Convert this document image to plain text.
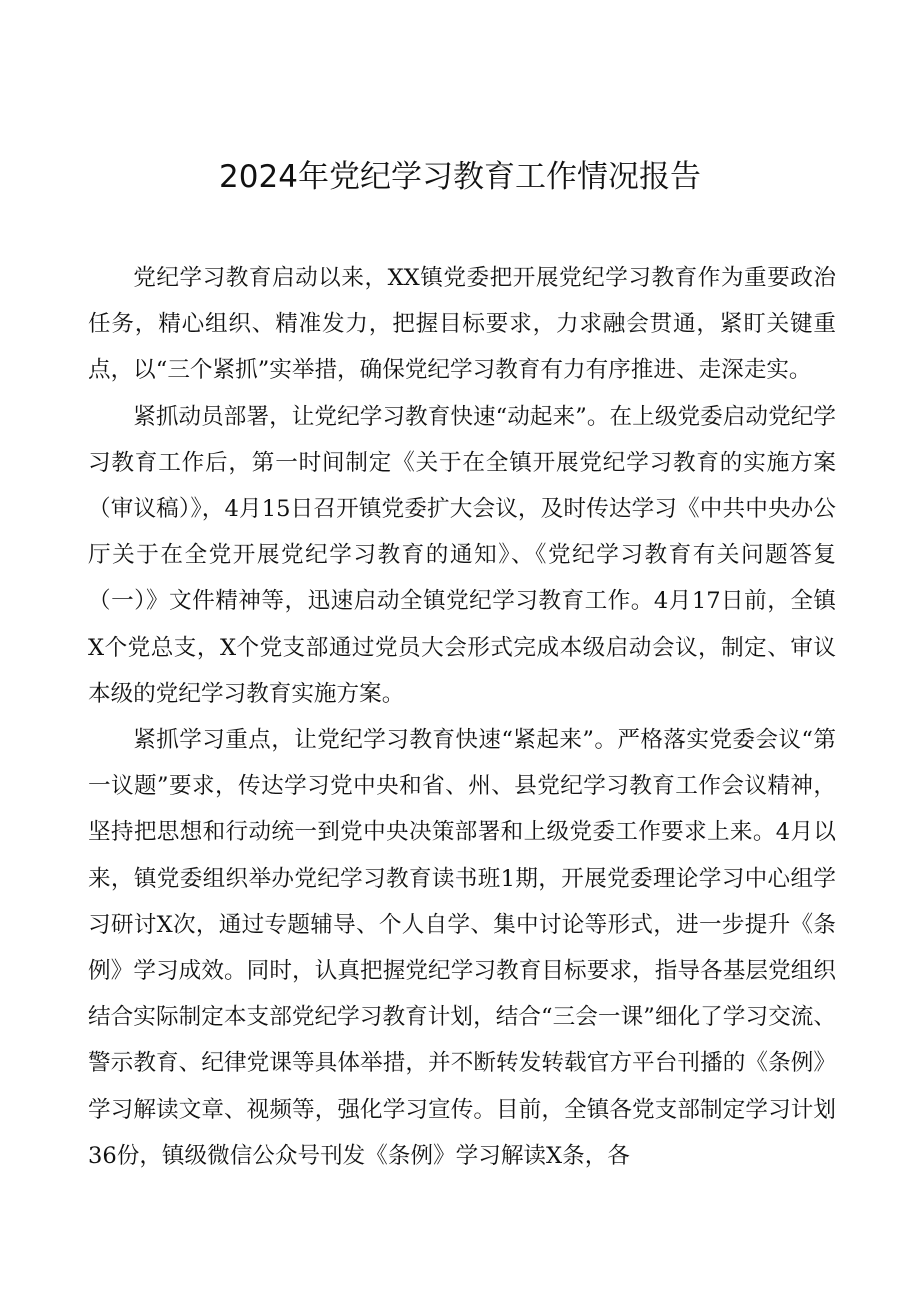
2024年党纪学习教育工作情况报告

党纪学习教育启动以来，XX镇党委把开展党纪学习教育作为重要政治任务，精心组织、精准发力，把握目标要求，力求融会贯通，紧盯关键重点，以“三个紧抓”实举措，确保党纪学习教育有力有序推进、走深走实。

紧抓动员部署，让党纪学习教育快速“动起来”。在上级党委启动党纪学习教育工作后，第一时间制定《关于在全镇开展党纪学习教育的实施方案（审议稿）》，4月15日召开镇党委扩大会议，及时传达学习《中共中央办公厅关于在全党开展党纪学习教育的通知》、《党纪学习教育有关问题答复（一）》文件精神等，迅速启动全镇党纪学习教育工作。4月17日前，全镇X个党总支，X个党支部通过党员大会形式完成本级启动会议，制定、审议本级的党纪学习教育实施方案。

紧抓学习重点，让党纪学习教育快速“紧起来”。严格落实党委会议“第一议题”要求，传达学习党中央和省、州、县党纪学习教育工作会议精神，坚持把思想和行动统一到党中央决策部署和上级党委工作要求上来。4月以来，镇党委组织举办党纪学习教育读书班1期，开展党委理论学习中心组学习研讨X次，通过专题辅导、个人自学、集中讨论等形式，进一步提升《条例》学习成效。同时，认真把握党纪学习教育目标要求，指导各基层党组织结合实际制定本支部党纪学习教育计划，结合“三会一课”细化了学习交流、警示教育、纪律党课等具体举措，并不断转发转载官方平台刊播的《条例》学习解读文章、视频等，强化学习宣传。目前，全镇各党支部制定学习计划36份，镇级微信公众号刊发《条例》学习解读X条，各
